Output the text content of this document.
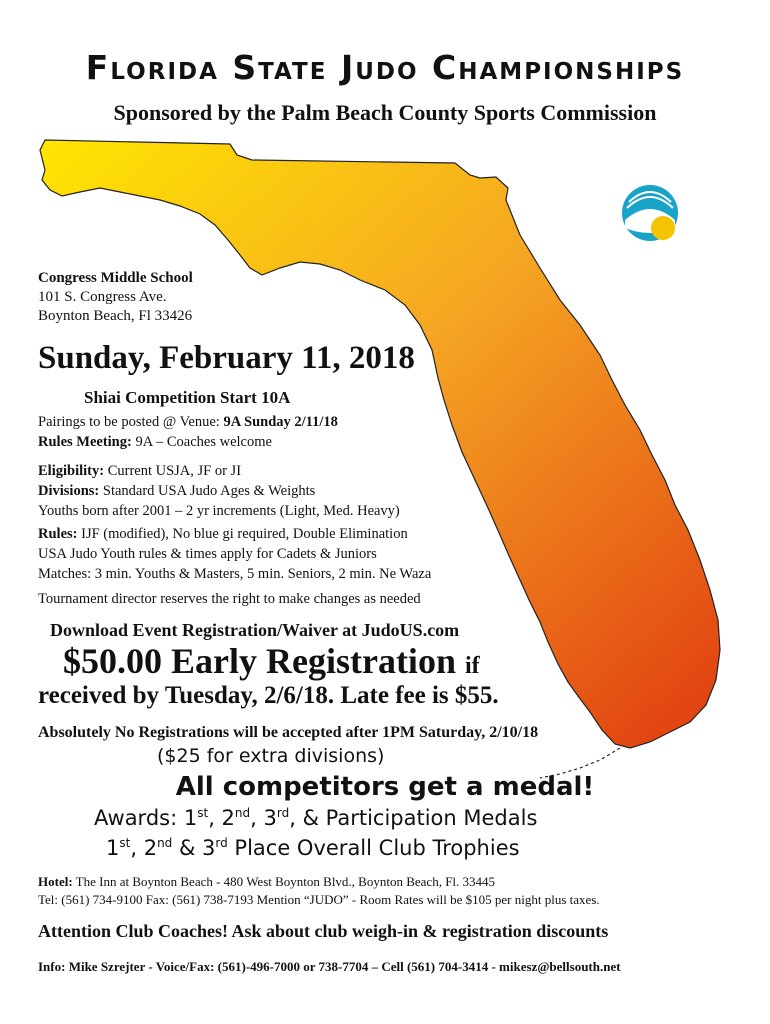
Florida State Judo Championships
Sponsored by the Palm Beach County Sports Commission
Congress Middle School
101 S. Congress Ave.
Boynton Beach, Fl 33426
Sunday, February 11, 2018
Shiai Competition Start 10A
Pairings to be posted @ Venue: 9A Sunday 2/11/18
Rules Meeting: 9A – Coaches welcome
Eligibility: Current USJA, JF or JI
Divisions: Standard USA Judo Ages & Weights
Youths born after 2001 – 2 yr increments (Light, Med. Heavy)
Rules: IJF (modified), No blue gi required, Double Elimination
USA Judo Youth rules & times apply for Cadets & Juniors
Matches: 3 min. Youths & Masters, 5 min. Seniors, 2 min. Ne Waza
Tournament director reserves the right to make changes as needed
Download Event Registration/Waiver at JudoUS.com
$50.00 Early Registration if
received by Tuesday, 2/6/18. Late fee is $55.
Absolutely No Registrations will be accepted after 1PM Saturday, 2/10/18
($25 for extra divisions)
All competitors get a medal!
Awards: 1st, 2nd, 3rd, & Participation Medals
1st, 2nd & 3rd Place Overall Club Trophies
Hotel: The Inn at Boynton Beach - 480 West Boynton Blvd., Boynton Beach, Fl. 33445
Tel: (561) 734-9100 Fax: (561) 738-7193 Mention “JUDO” - Room Rates will be $105 per night plus taxes.
Attention Club Coaches! Ask about club weigh-in & registration discounts
Info: Mike Szrejter - Voice/Fax: (561)-496-7000 or 738-7704 – Cell (561) 704-3414 - mikesz@bellsouth.net
